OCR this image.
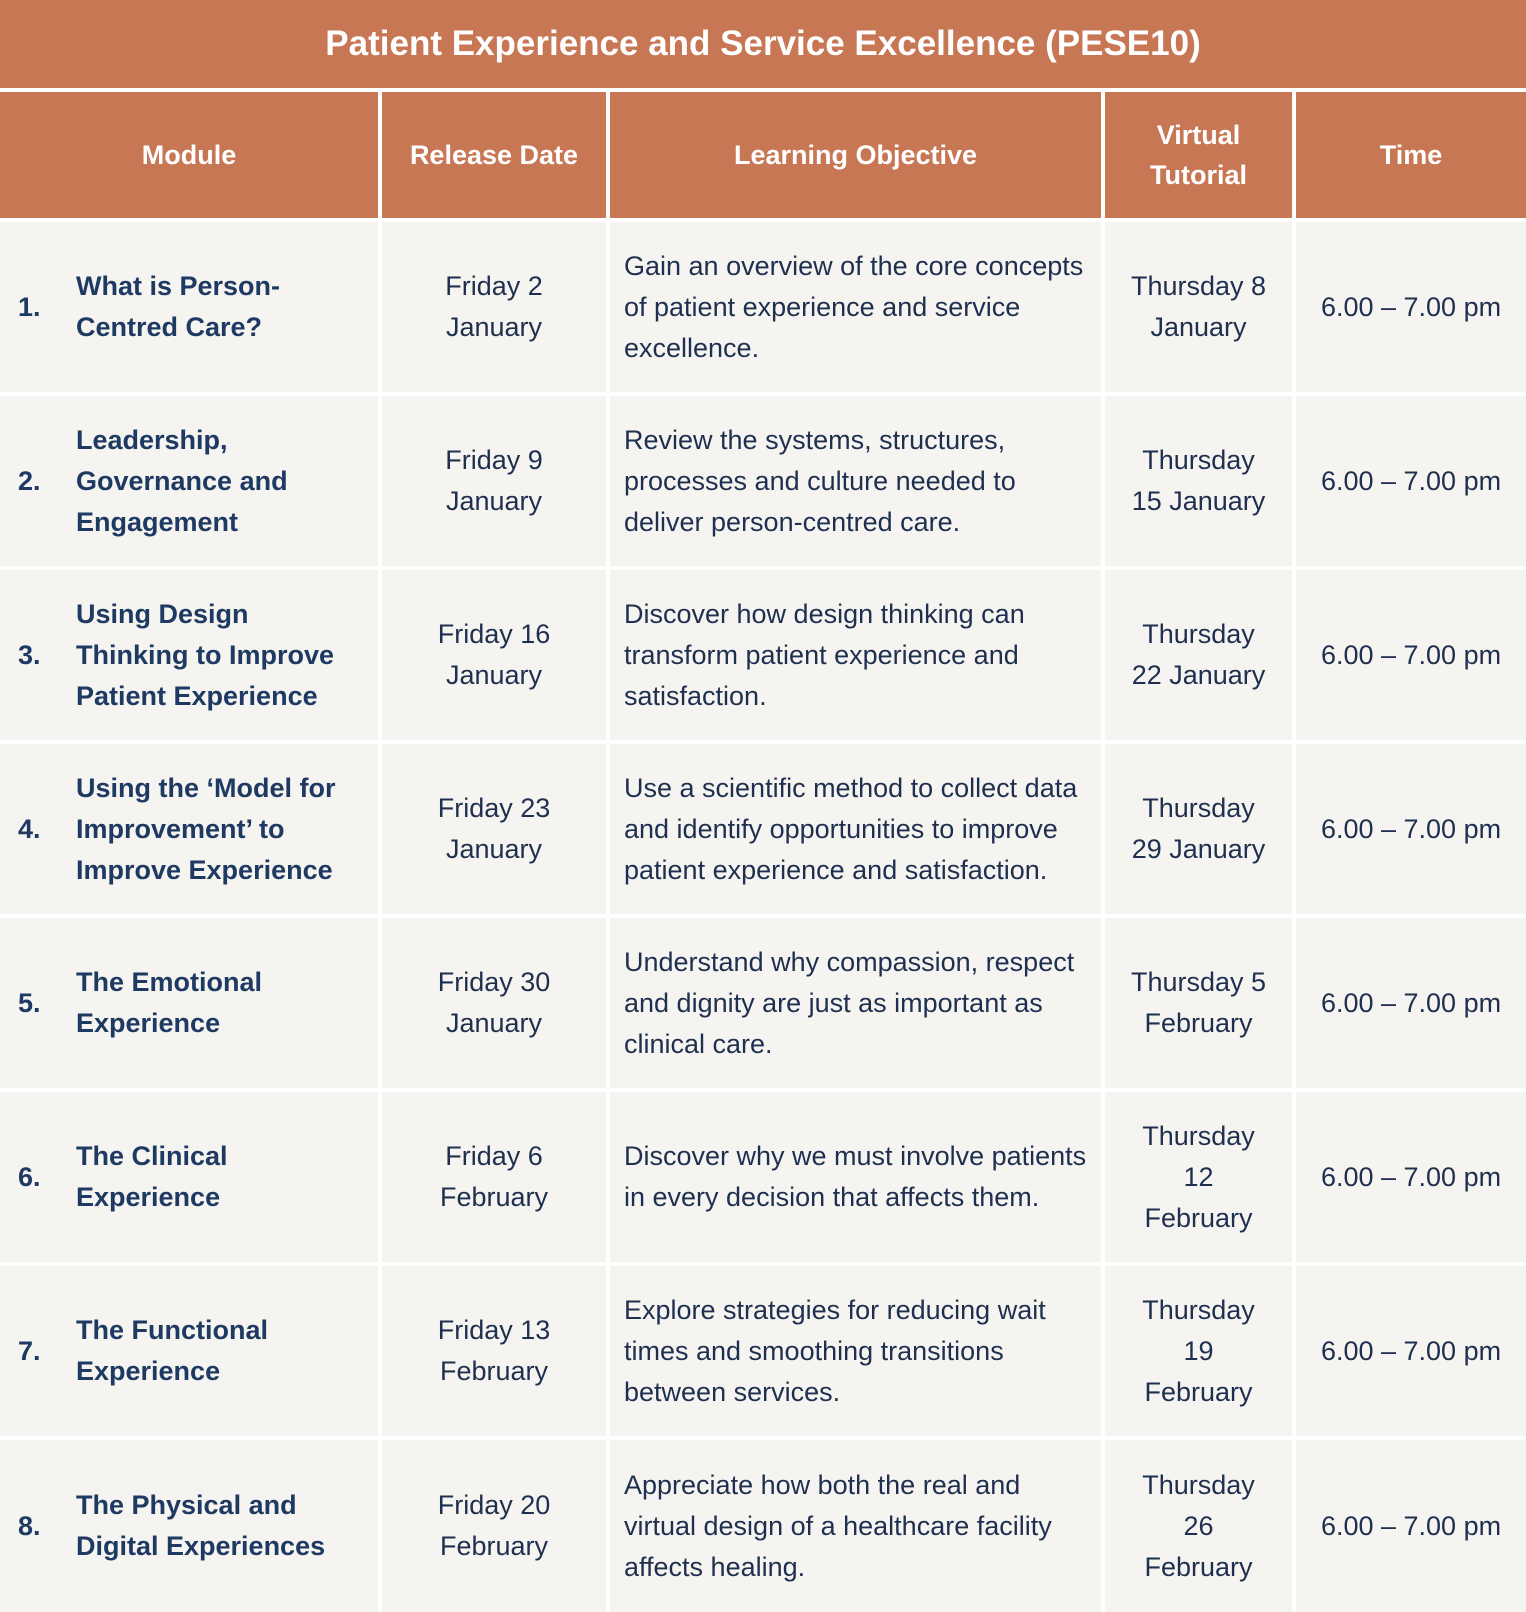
Patient Experience and Service Excellence (PESE10)				
Module	Release Date	Learning Objective	Virtual Tutorial	Time

1.
What is Person-Centred Care?	Friday 2 January	Gain an overview of the core concepts of patient experience and service excellence.	Thursday 8 January	6.00 – 7.00 pm

2.
Leadership, Governance and Engagement	Friday 9 January	Review the systems, structures, processes and culture needed to deliver person-centred care.	Thursday 15 January	6.00 – 7.00 pm

3.
Using Design Thinking to Improve Patient Experience	Friday 16 January	Discover how design thinking can transform patient experience and satisfaction.	Thursday 22 January	6.00 – 7.00 pm

4.
Using the ‘Model for Improvement’ to Improve Experience	Friday 23 January	Use a scientific method to collect data and identify opportunities to improve patient experience and satisfaction.	Thursday 29 January	6.00 – 7.00 pm

5.
The Emotional Experience	Friday 30 January	Understand why compassion, respect and dignity are just as important as clinical care.	Thursday 5 February	6.00 – 7.00 pm

6.
The Clinical Experience	Friday 6 February	Discover why we must involve patients in every decision that affects them.	Thursday 12 February	6.00 – 7.00 pm

7.
The Functional Experience	Friday 13 February	Explore strategies for reducing wait times and smoothing transitions between services.	Thursday 19 February	6.00 – 7.00 pm

8.
The Physical and Digital Experiences	Friday 20 February	Appreciate how both the real and virtual design of a healthcare facility affects healing.	Thursday 26 February	6.00 – 7.00 pm
